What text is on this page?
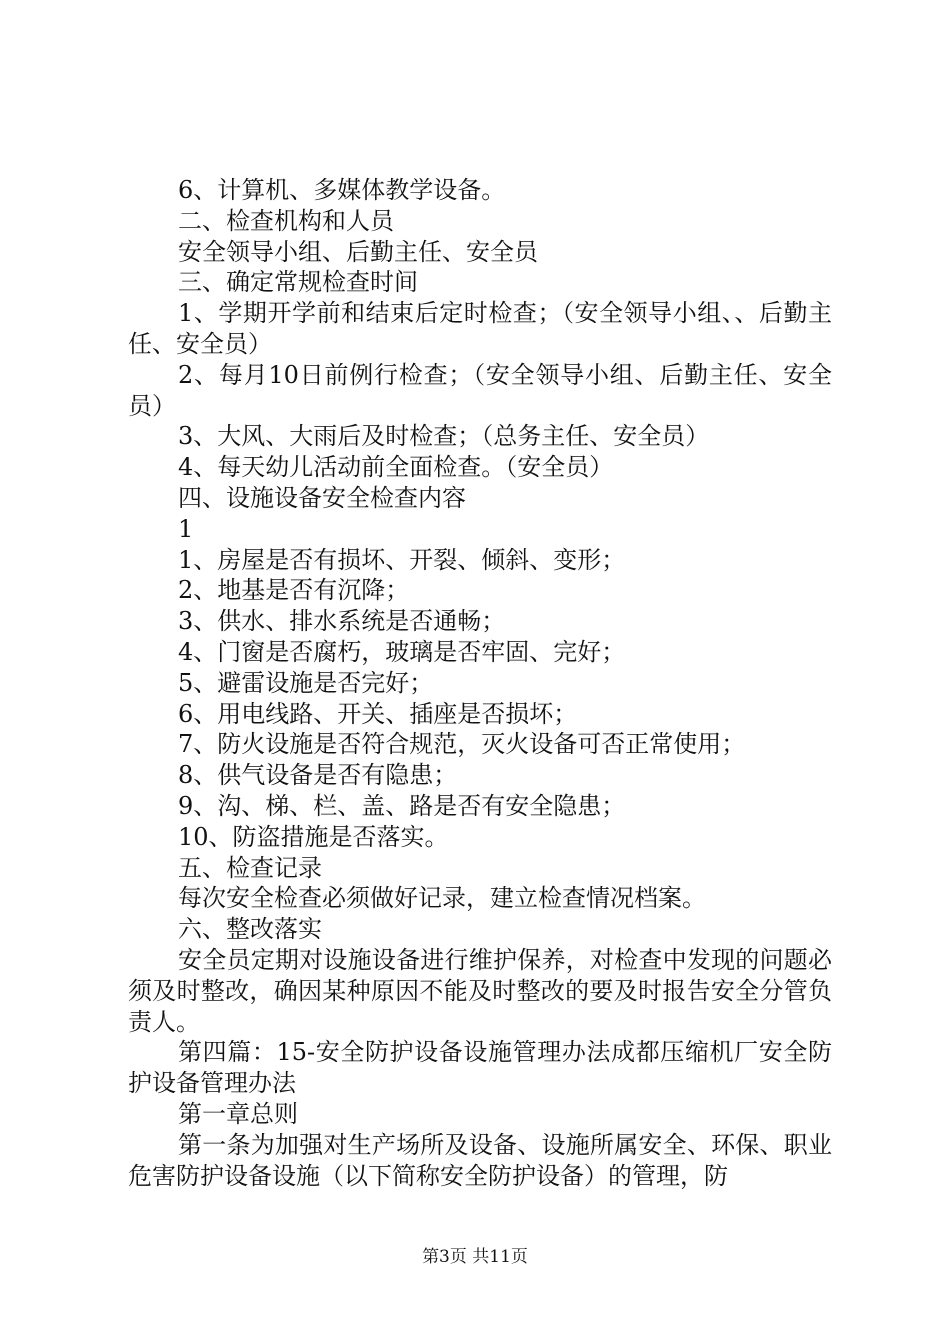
6、计算机、多媒体教学设备。
二、检查机构和人员
安全领导小组、后勤主任、安全员
三、确定常规检查时间
1、学期开学前和结束后定时检查；（安全领导小组、、后勤主任、安全员）
2、每月10日前例行检查；（安全领导小组、后勤主任、安全员）
3、大风、大雨后及时检查；（总务主任、安全员）
4、每天幼儿活动前全面检查。（安全员）
四、设施设备安全检查内容
1
1、房屋是否有损坏、开裂、倾斜、变形；
2、地基是否有沉降；
3、供水、排水系统是否通畅；
4、门窗是否腐朽，玻璃是否牢固、完好；
5、避雷设施是否完好；
6、用电线路、开关、插座是否损坏；
7、防火设施是否符合规范，灭火设备可否正常使用；
8、供气设备是否有隐患；
9、沟、梯、栏、盖、路是否有安全隐患；
10、防盗措施是否落实。
五、检查记录
每次安全检查必须做好记录，建立检查情况档案。
六、整改落实
安全员定期对设施设备进行维护保养，对检查中发现的问题必须及时整改，确因某种原因不能及时整改的要及时报告安全分管负责人。
第四篇：15-安全防护设备设施管理办法成都压缩机厂安全防护设备管理办法
第一章总则
第一条为加强对生产场所及设备、设施所属安全、环保、职业危害防护设备设施（以下简称安全防护设备）的管理，防
第3页 共11页
